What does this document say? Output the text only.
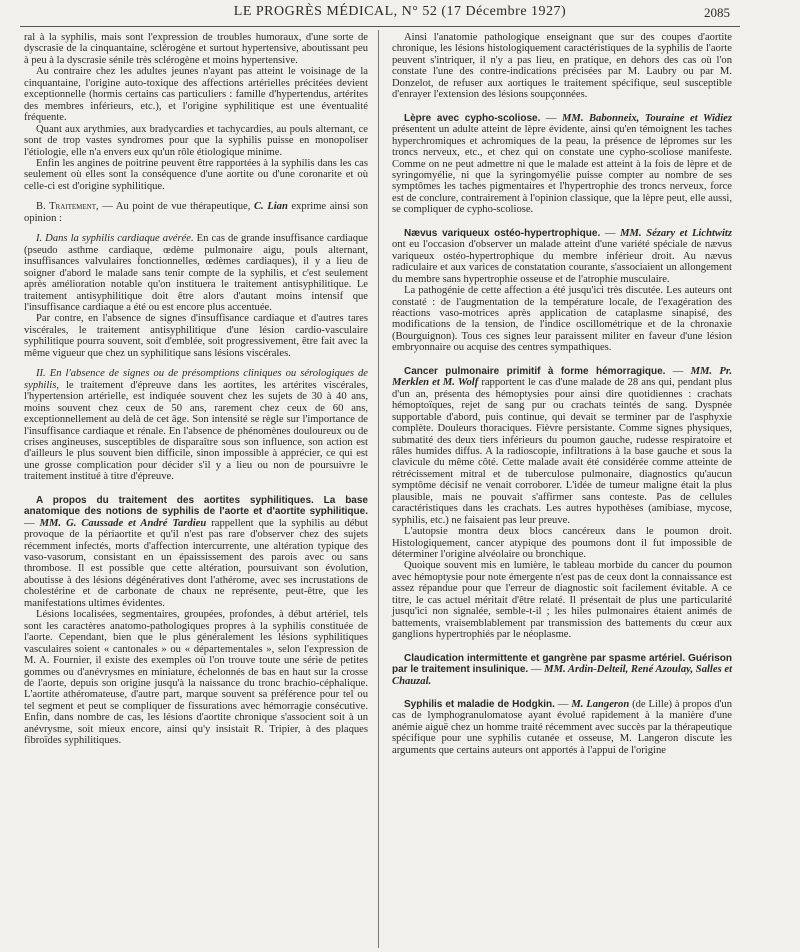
LE PROGRÈS MÉDICAL, N° 52 (17 Décembre 1927)	2085

ral à la syphilis, mais sont l'expression de troubles humoraux, d'une sorte de dyscrasie de la cinquantaine, sclérogène et surtout hypertensive, aboutissant peu à peu à la dyscrasie sénile très sclérogène et moins hypertensive.

Au contraire chez les adultes jeunes n'ayant pas atteint le voisinage de la cinquantaine, l'origine auto-toxique des affections artérielles précitées devient exceptionnelle (hormis certains cas particuliers : famille d'hypertendus, artérites des membres inférieurs, etc.), et l'origine syphilitique est une éventualité fréquente.

Quant aux arythmies, aux bradycardies et tachycardies, au pouls alternant, ce sont de trop vastes syndromes pour que la syphilis puisse en monopoliser l'étiologie, elle n'a envers eux qu'un rôle étiologique minime.

Enfin les angines de poitrine peuvent être rapportées à la syphilis dans les cas seulement où elles sont la conséquence d'une aortite ou d'une coronarite et où celle-ci est d'origine syphilitique.

B. Traitement, — Au point de vue thérapeutique, C. Lian exprime ainsi son opinion :

I. Dans la syphilis cardiaque avérée. En cas de grande insuffisance cardiaque (pseudo asthme cardiaque, œdème pulmonaire aigu, pouls alternant, insuffisances valvulaires fonctionnelles, œdèmes cardiaques), il y a lieu de soigner d'abord le malade sans tenir compte de la syphilis, et c'est seulement après amélioration notable qu'on instituera le traitement antisyphilitique. Le traitement antisyphilitique doit être alors d'autant moins intensif que l'insuffisance cardiaque a été ou est encore plus accentuée.

Par contre, en l'absence de signes d'insuffisance cardiaque et d'autres tares viscérales, le traitement antisyphilitique d'une lésion cardio-vasculaire syphilitique pourra souvent, soit d'emblée, soit progressivement, être fait avec la même vigueur que chez un syphilitique sans lésions viscérales.

II. En l'absence de signes ou de présomptions cliniques ou sérologiques de syphilis, le traitement d'épreuve dans les aortites, les artérites viscérales, l'hypertension artérielle, est indiquée souvent chez les sujets de 30 à 40 ans, moins souvent chez ceux de 50 ans, rarement chez ceux de 60 ans, exceptionnellement au delà de cet âge. Son intensité se règle sur l'importance de l'insuffisance cardiaque et rénale. En l'absence de phénomènes douloureux ou de crises angineuses, susceptibles de disparaître sous son influence, son action est d'ailleurs le plus souvent bien difficile, sinon impossible à apprécier, ce qui est une grosse complication pour décider s'il y a lieu ou non de poursuivre le traitement institué à titre d'épreuve.

A propos du traitement des aortites syphilitiques. La base anatomique des notions de syphilis de l'aorte et d'aortite syphilitique. — MM. G. Caussade et André Tardieu rappellent que la syphilis au début provoque de la périaortite et qu'il n'est pas rare d'observer chez des sujets récemment infectés, morts d'affection intercurrente, une altération typique des vaso-vasorum, consistant en un épaississement des parois avec ou sans thrombose. Il est possible que cette altération, poursuivant son évolution, aboutisse à des lésions dégénératives dont l'athérome, avec ses incrustations de cholestérine et de carbonate de chaux ne représente, peut-être, que les manifestations ultimes évidentes.

Lésions localisées, segmentaires, groupées, profondes, à début artériel, tels sont les caractères anatomo-pathologiques propres à la syphilis constituée de l'aorte. Cependant, bien que le plus généralement les lésions syphilitiques vasculaires soient « cantonales » ou « départementales », selon l'expression de M. A. Fournier, il existe des exemples où l'on trouve toute une série de petites gommes ou d'anévrysmes en miniature, échelonnés de bas en haut sur la crosse de l'aorte, depuis son origine jusqu'à la naissance du tronc brachio-céphalique. L'aortite athéromateuse, d'autre part, marque souvent sa préférence pour tel ou tel segment et peut se compliquer de fissurations avec hémorragie consécutive. Enfin, dans nombre de cas, les lésions d'aortite chronique s'associent soit à un anévrysme, soit mieux encore, ainsi qu'y insistait R. Tripier, à des plaques fibroïdes syphilitiques.

Ainsi l'anatomie pathologique enseignant que sur des coupes d'aortite chronique, les lésions histologiquement caractéristiques de la syphilis de l'aorte peuvent s'intriquer, il n'y a pas lieu, en pratique, en dehors des cas où l'on constate l'une des contre-indications précisées par M. Laubry ou par M. Donzelot, de refuser aux aortiques le traitement spécifique, seul susceptible d'enrayer l'extension des lésions soupçonnées.

Lèpre avec cypho-scoliose. — MM. Babonneix, Touraine et Widiez présentent un adulte atteint de lèpre évidente, ainsi qu'en témoignent les taches hyperchromiques et achromiques de la peau, la présence de lépromes sur les troncs nerveux, etc., et chez qui on constate une cypho-scoliose manifeste. Comme on ne peut admettre ni que le malade est atteint à la fois de lèpre et de syringomyélie, ni que la syringomyélie puisse compter au nombre de ses symptômes les taches pigmentaires et l'hypertrophie des troncs nerveux, force est de conclure, contrairement à l'opinion classique, que la lèpre peut, elle aussi, se compliquer de cypho-scoliose.

Nævus variqueux ostéo-hypertrophique. — MM. Sézary et Lichtwitz ont eu l'occasion d'observer un malade atteint d'une variété spéciale de nævus variqueux ostéo-hypertrophique du membre inférieur droit. Au nævus radiculaire et aux varices de constatation courante, s'associaient un allongement du membre sans hypertrophie osseuse et de l'atrophie musculaire.

La pathogénie de cette affection a été jusqu'ici très discutée. Les auteurs ont constaté : de l'augmentation de la température locale, de l'exagération des réactions vaso-motrices après application de cataplasme sinapisé, des modifications de la tension, de l'indice oscillométrique et de la chronaxie (Bourguignon). Tous ces signes leur paraissent militer en faveur d'une lésion embryonnaire ou acquise des centres sympathiques.

Cancer pulmonaire primitif à forme hémorragique. — MM. Pr. Merklen et M. Wolf rapportent le cas d'une malade de 28 ans qui, pendant plus d'un an, présenta des hémoptysies pour ainsi dire quotidiennes : crachats hémoptoïques, rejet de sang pur ou crachats teintés de sang. Dyspnée supportable d'abord, puis continue, qui devait se terminer par de l'asphyxie complète. Douleurs thoraciques. Fièvre persistante. Comme signes physiques, submatité des deux tiers inférieurs du poumon gauche, rudesse respiratoire et râles humides diffus. A la radioscopie, infiltrations à la base gauche et sous la clavicule du même côté. Cette malade avait été considérée comme atteinte de rétrécissement mitral et de tuberculose pulmonaire, diagnostics qu'aucun symptôme décisif ne venait corroborer. L'idée de tumeur maligne était la plus plausible, mais ne pouvait s'affirmer sans conteste. Pas de cellules caractéristiques dans les crachats. Les autres hypothèses (amibiase, mycose, syphilis, etc.) ne faisaient pas leur preuve.

L'autopsie montra deux blocs cancéreux dans le poumon droit. Histologiquement, cancer atypique des poumons dont il fut impossible de déterminer l'origine alvéolaire ou bronchique.

Quoique souvent mis en lumière, le tableau morbide du cancer du poumon avec hémoptysie pour note émergente n'est pas de ceux dont la connaissance est assez répandue pour que l'erreur de diagnostic soit facilement évitable. A ce titre, le cas actuel méritait d'être relaté. Il présentait de plus une particularité jusqu'ici non signalée, semble-t-il ; les hiles pulmonaires étaient animés de battements, vraisemblablement par transmission des battements du cœur aux ganglions hypertrophiés par le néoplasme.

Claudication intermittente et gangrène par spasme artériel. Guérison par le traitement insulinique. — MM. Ardin-Delteil, René Azoulay, Salles et Chauzal.

Syphilis et maladie de Hodgkin. — M. Langeron (de Lille) à propos d'un cas de lymphogranulomatose ayant évolué rapidement à la manière d'une anémie aiguë chez un homme traité récemment avec succès par la thérapeutique spécifique pour une syphilis cutanée et osseuse, M. Langeron discute les arguments que certains auteurs ont apportés à l'appui de l'origine
